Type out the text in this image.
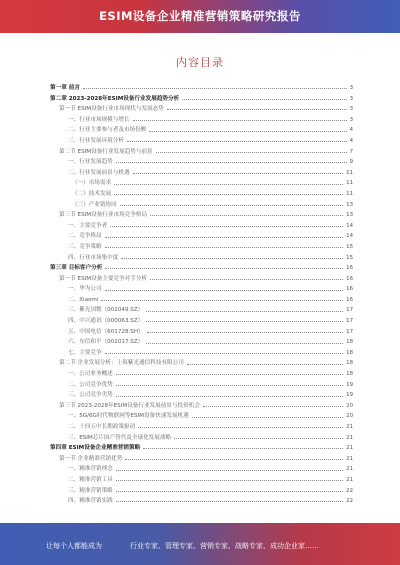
ESIM设备企业精准营销策略研究报告
内容目录
第一章 前言	3
第二章 2023-2028年ESIM设备行业发展趋势分析	3
第一节 ESIM设备行业市场现状与发展态势	3
一、行业市场规模与增长	3
二、行业主要参与者及市场份额	4
三、行业发展环境分析	4
第二节 ESIM设备行业发展趋势与前景	7
一、行业发展趋势	9
二、行业发展前景与机遇	11
（一）市场需求	11
（二）技术发展	11
（三）产业链协同	13
第三节 ESIM设备行业市场竞争格局	13
一、主要竞争者	14
二、竞争格局	14
三、竞争策略	15
四、行业市场集中度	15
第三章 目标客户分析	16
第一节 ESIM设备主要竞争对手分析	16
一、华为公司	16
二、Xiaomi	16
三、紫光国微（002049.SZ）	17
四、中兴通讯（000063.SZ）	17
五、中国电信（601728.SH）	17
六、东信和平（002017.SZ）	18
七、主要竞争	18
第二节 企业发展分析：上海紫光通信科技有限公司	18
一、公司业务概述	18
二、公司竞争优势	19
三、公司竞争劣势	19
第三节 2023-2028年ESIM设备行业发展前景与投资机会	20
一、5G/6G时代物联网等ESIM设备快速发展机遇	20
二、十四五中长期政策驱动	21
三、ESIM芯片国产替代及全球化发展战略	21
第四章 ESIM设备企业精准营销策略	21
第一节 企业精准营销优势	21
一、精准营销理念	21
二、精准营销工具	21
三、精准营销策略	22
四、精准营销实践	22
让每个人都能成为	行业专家、管理专家、营销专家、战略专家、成功企业家……
